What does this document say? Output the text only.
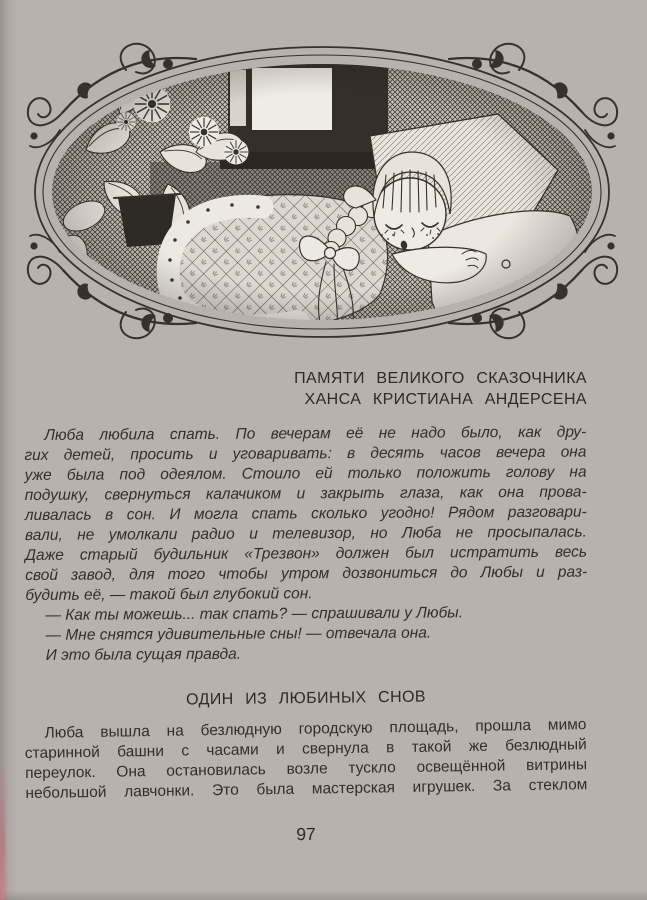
ПАМЯТИ ВЕЛИКОГО СКАЗОЧНИКА
ХАНСА КРИСТИАНА АНДЕРСЕНА
Люба любила спать. По вечерам её не надо было, как дру-
гих детей, просить и уговаривать: в десять часов вечера она
уже была под одеялом. Стоило ей только положить голову на
подушку, свернуться калачиком и закрыть глаза, как она прова-
ливалась в сон. И могла спать сколько угодно! Рядом разговари-
вали, не умолкали радио и телевизор, но Люба не просыпалась.
Даже старый будильник «Трезвон» должен был истратить весь
свой завод, для того чтобы утром дозвониться до Любы и раз-
будить её, — такой был глубокий сон.
— Как ты можешь... так спать? — спрашивали у Любы.
— Мне снятся удивительные сны! — отвечала она.
И это была сущая правда.
ОДИН ИЗ ЛЮБИНЫХ СНОВ
Люба вышла на безлюдную городскую площадь, прошла мимо
старинной башни с часами и свернула в такой же безлюдный
переулок. Она остановилась возле тускло освещённой витрины
небольшой лавчонки. Это была мастерская игрушек. За стеклом
97
